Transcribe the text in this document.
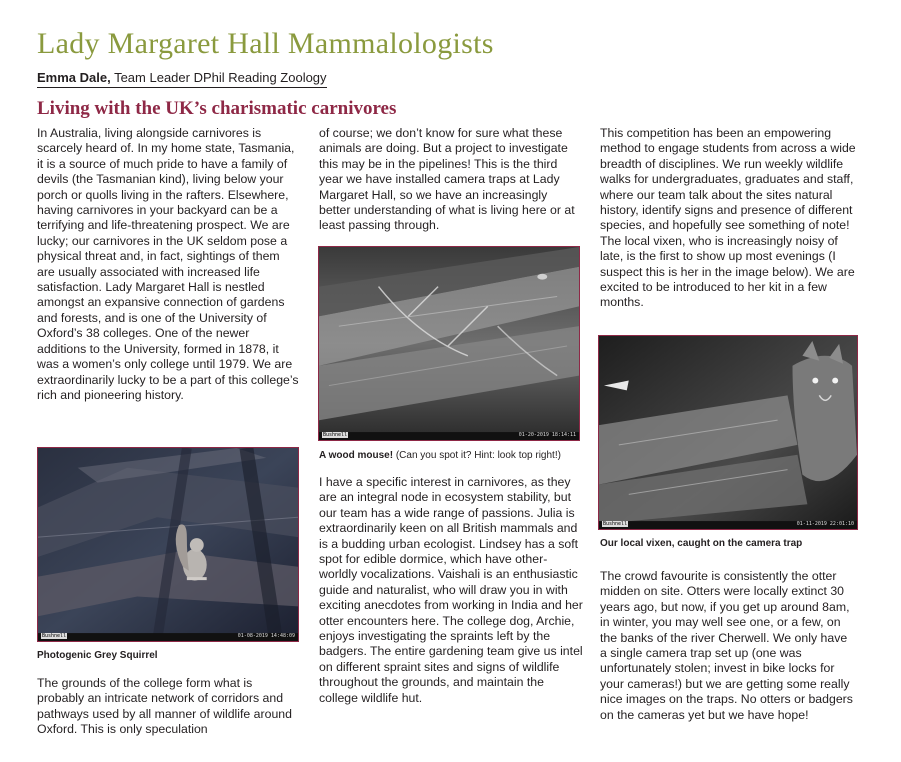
Lady Margaret Hall Mammalologists
Emma Dale, Team Leader DPhil Reading Zoology
Living with the UK’s charismatic carnivores

In Australia, living alongside carnivores is scarcely heard of. In my home state, Tasmania, it is a source of much pride to have a family of devils (the Tasmanian kind), living below your porch or quolls living in the rafters. Elsewhere, having carnivores in your backyard can be a terrifying and life-threatening prospect. We are lucky; our carnivores in the UK seldom pose a physical threat and, in fact, sightings of them are usually associated with increased life satisfaction. Lady Margaret Hall is nestled amongst an expansive connection of gardens and forests, and is one of the University of Oxford’s 38 colleges. One of the newer additions to the University, formed in 1878, it was a women’s only college until 1979. We are extraordinarily lucky to be a part of this college’s rich and pioneering history.

Bushnell	01-08-2019 14:48:09

Photogenic Grey Squirrel

The grounds of the college form what is probably an intricate network of corridors and pathways used by all manner of wildlife around Oxford. This is only speculation

of course; we don’t know for sure what these animals are doing. But a project to investigate this may be in the pipelines! This is the third year we have installed camera traps at Lady Margaret Hall, so we have an increasingly better understanding of what is living here or at least passing through.

Bushnell	01-20-2019 18:14:11

A wood mouse! (Can you spot it? Hint: look top right!)

I have a specific interest in carnivores, as they are an integral node in ecosystem stability, but our team has a wide range of passions. Julia is extraordinarily keen on all British mammals and is a budding urban ecologist. Lindsey has a soft spot for edible dormice, which have other-worldly vocalizations. Vaishali is an enthusiastic guide and naturalist, who will draw you in with exciting anecdotes from working in India and her otter encounters here. The college dog, Archie, enjoys investigating the spraints left by the badgers. The entire gardening team give us intel on different spraint sites and signs of wildlife throughout the grounds, and maintain the college wildlife hut.

This competition has been an empowering method to engage students from across a wide breadth of disciplines. We run weekly wildlife walks for undergraduates, graduates and staff, where our team talk about the sites natural history, identify signs and presence of different species, and hopefully see something of note! The local vixen, who is increasingly noisy of late, is the first to show up most evenings (I suspect this is her in the image below). We are excited to be introduced to her kit in a few months.

Bushnell	01-11-2019 22:01:10

Our local vixen, caught on the camera trap

The crowd favourite is consistently the otter midden on site. Otters were locally extinct 30 years ago, but now, if you get up around 8am, in winter, you may well see one, or a few, on the banks of the river Cherwell. We only have a single camera trap set up (one was unfortunately stolen; invest in bike locks for your cameras!) but we are getting some really nice images on the traps. No otters or badgers on the cameras yet but we have hope!
